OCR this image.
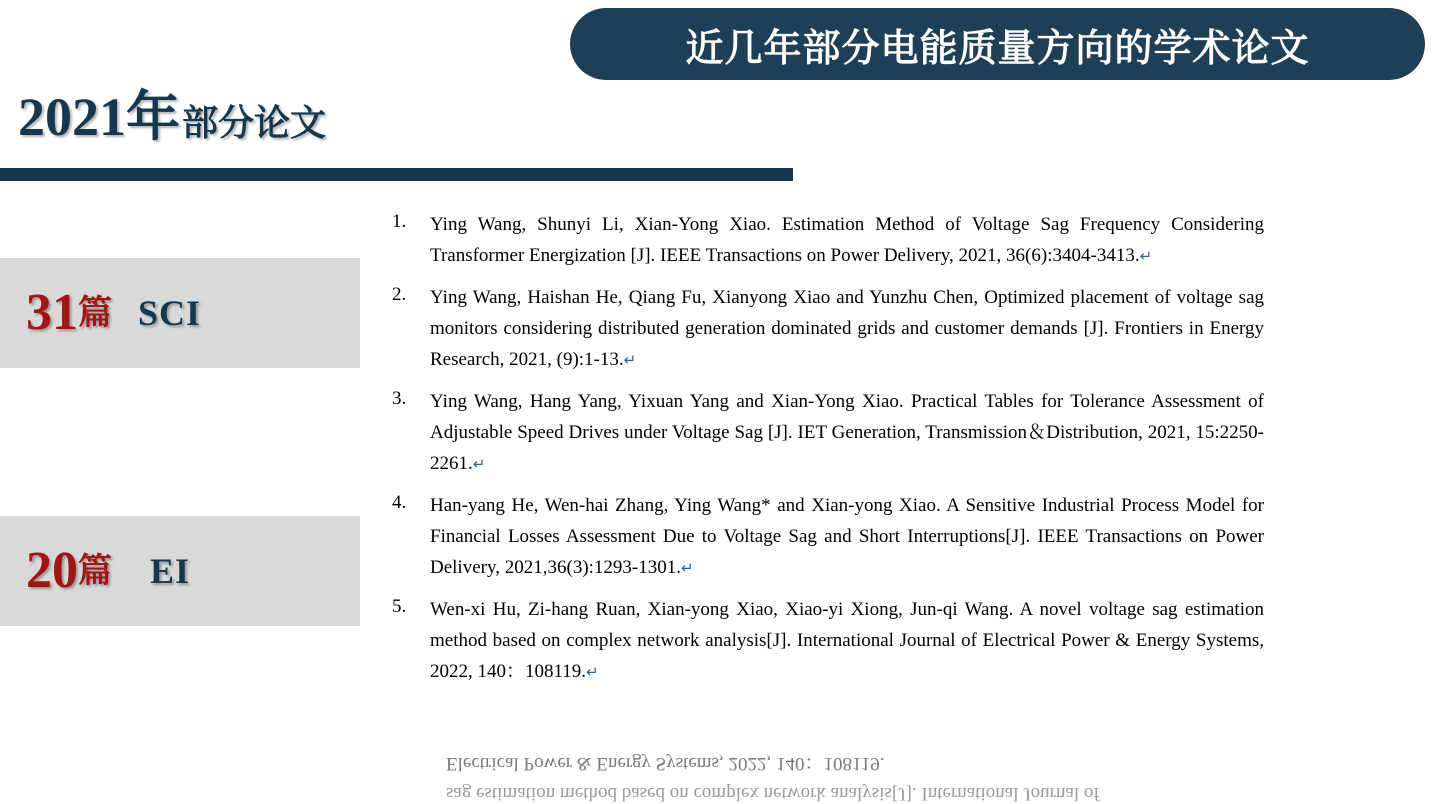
近几年部分电能质量方向的学术论文
2021年 部分论文
31 篇 SCI
20 篇 EI
1.	Ying Wang, Shunyi Li, Xian-Yong Xiao. Estimation Method of Voltage Sag Frequency Considering Transformer Energization [J]. IEEE Transactions on Power Delivery, 2021, 36(6):3404-3413.↵
2.	Ying Wang, Haishan He, Qiang Fu, Xianyong Xiao and Yunzhu Chen, Optimized placement of voltage sag monitors considering distributed generation dominated grids and customer demands [J]. Frontiers in Energy Research, 2021, (9):1-13.↵
3.	Ying Wang, Hang Yang, Yixuan Yang and Xian-Yong Xiao. Practical Tables for Tolerance Assessment of Adjustable Speed Drives under Voltage Sag [J]. IET Generation, Transmission＆Distribution, 2021, 15:2250-2261.↵
4.	Han-yang He, Wen-hai Zhang, Ying Wang* and Xian-yong Xiao. A Sensitive Industrial Process Model for Financial Losses Assessment Due to Voltage Sag and Short Interruptions[J]. IEEE Transactions on Power Delivery, 2021,36(3):1293-1301.↵
5.	Wen-xi Hu, Zi-hang Ruan, Xian-yong Xiao, Xiao-yi Xiong, Jun-qi Wang. A novel voltage sag estimation method based on complex network analysis[J]. International Journal of Electrical Power & Energy Systems, 2022, 140：108119.↵
Electrical Power & Energy Systems, 2022, 140：108119.
sag estimation method based on complex network analysis[J]. International Journal of
